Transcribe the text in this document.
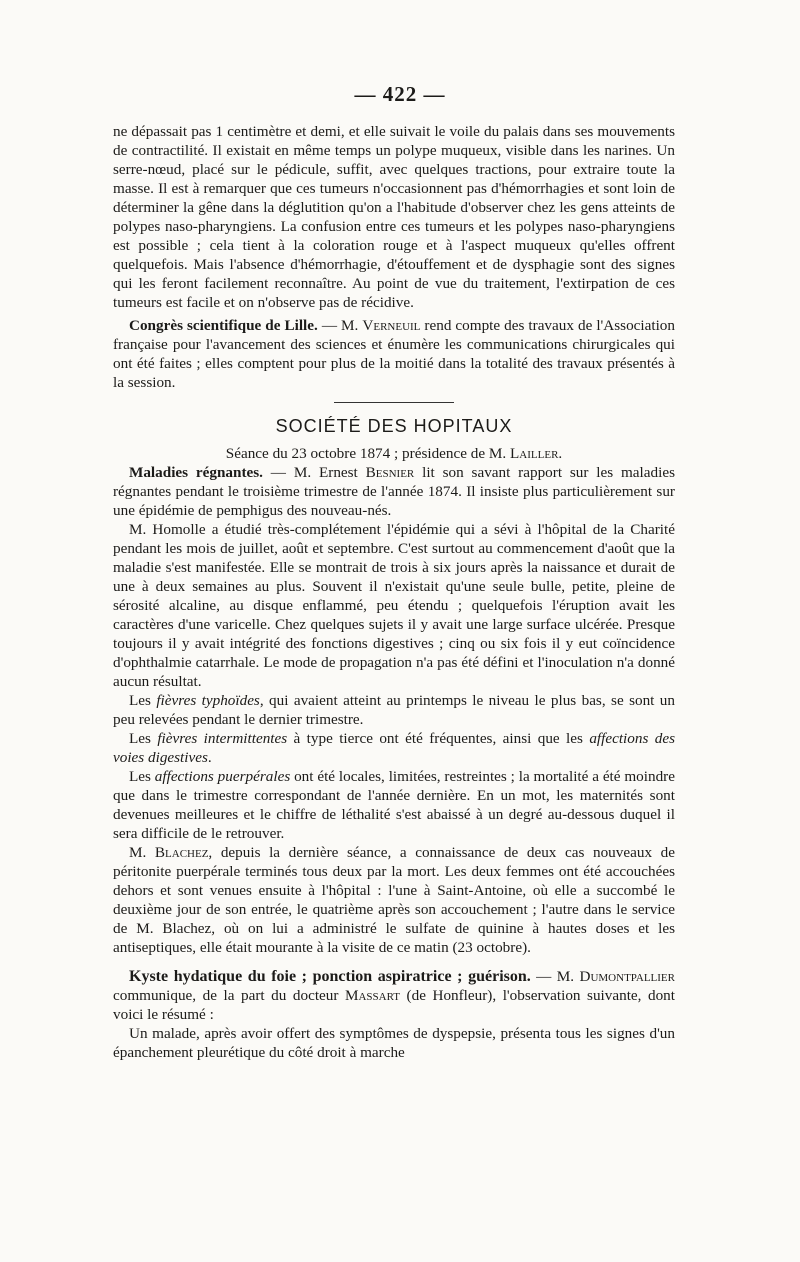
— 422 —

ne dépassait pas 1 centimètre et demi, et elle suivait le voile du palais dans ses mouvements de contractilité. Il existait en même temps un polype muqueux, visible dans les narines. Un serre-nœud, placé sur le pédicule, suffit, avec quelques tractions, pour extraire toute la masse. Il est à remarquer que ces tumeurs n'occasionnent pas d'hémorrhagies et sont loin de déterminer la gêne dans la déglutition qu'on a l'habitude d'observer chez les gens atteints de polypes naso-pharyngiens. La confusion entre ces tumeurs et les polypes naso-pharyngiens est possible ; cela tient à la coloration rouge et à l'aspect muqueux qu'elles offrent quelquefois. Mais l'absence d'hémorrhagie, d'étouffement et de dysphagie sont des signes qui les feront facilement reconnaître. Au point de vue du traitement, l'extirpation de ces tumeurs est facile et on n'observe pas de récidive.

Congrès scientifique de Lille. — M. Verneuil rend compte des travaux de l'Association française pour l'avancement des sciences et énumère les communications chirurgicales qui ont été faites ; elles comptent pour plus de la moitié dans la totalité des travaux présentés à la session.

SOCIÉTÉ DES HOPITAUX

Séance du 23 octobre 1874 ; présidence de M. Lailler.

Maladies régnantes. — M. Ernest Besnier lit son savant rapport sur les maladies régnantes pendant le troisième trimestre de l'année 1874. Il insiste plus particulièrement sur une épidémie de pemphigus des nouveau-nés.

M. Homolle a étudié très-complétement l'épidémie qui a sévi à l'hôpital de la Charité pendant les mois de juillet, août et septembre. C'est surtout au commencement d'août que la maladie s'est manifestée. Elle se montrait de trois à six jours après la naissance et durait de une à deux semaines au plus. Souvent il n'existait qu'une seule bulle, petite, pleine de sérosité alcaline, au disque enflammé, peu étendu ; quelquefois l'éruption avait les caractères d'une varicelle. Chez quelques sujets il y avait une large surface ulcérée. Presque toujours il y avait intégrité des fonctions digestives ; cinq ou six fois il y eut coïncidence d'ophthalmie catarrhale. Le mode de propagation n'a pas été défini et l'inoculation n'a donné aucun résultat.

Les fièvres typhoïdes, qui avaient atteint au printemps le niveau le plus bas, se sont un peu relevées pendant le dernier trimestre.

Les fièvres intermittentes à type tierce ont été fréquentes, ainsi que les affections des voies digestives.

Les affections puerpérales ont été locales, limitées, restreintes ; la mortalité a été moindre que dans le trimestre correspondant de l'année dernière. En un mot, les maternités sont devenues meilleures et le chiffre de léthalité s'est abaissé à un degré au-dessous duquel il sera difficile de le retrouver.

M. Blachez, depuis la dernière séance, a connaissance de deux cas nouveaux de péritonite puerpérale terminés tous deux par la mort. Les deux femmes ont été accouchées dehors et sont venues ensuite à l'hôpital : l'une à Saint-Antoine, où elle a succombé le deuxième jour de son entrée, le quatrième après son accouchement ; l'autre dans le service de M. Blachez, où on lui a administré le sulfate de quinine à hautes doses et les antiseptiques, elle était mourante à la visite de ce matin (23 octobre).

Kyste hydatique du foie ; ponction aspiratrice ; guérison. — M. Dumontpallier communique, de la part du docteur Massart (de Honfleur), l'observation suivante, dont voici le résumé :

Un malade, après avoir offert des symptômes de dyspepsie, présenta tous les signes d'un épanchement pleurétique du côté droit à marche
